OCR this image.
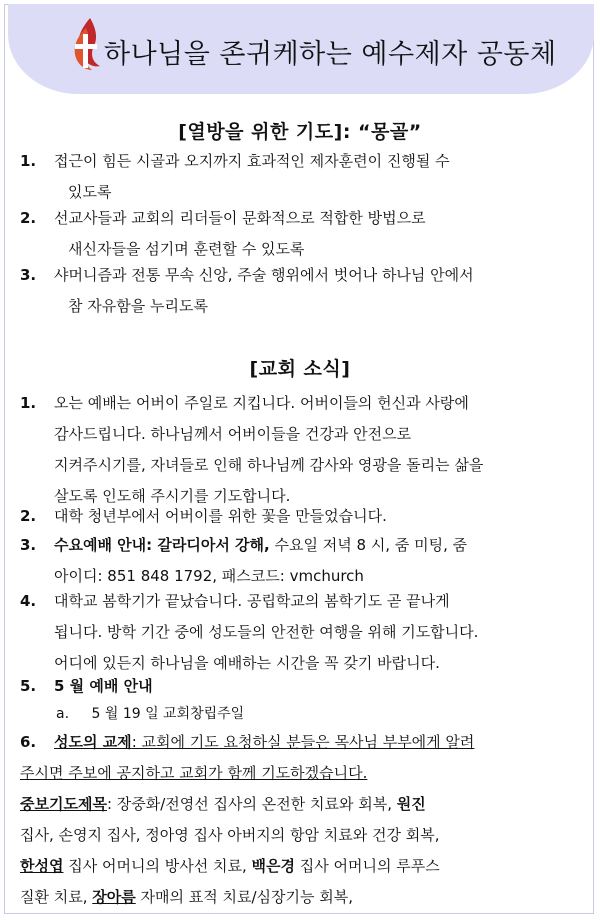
하나님을 존귀케하는 예수제자 공동체
[열방을 위한 기도]: “몽골”
1.	접근이 힘든 시골과 오지까지 효과적인 제자훈련이 진행될 수
있도록
2.	선교사들과 교회의 리더들이 문화적으로 적합한 방법으로
새신자들을 섬기며 훈련할 수 있도록
3.	샤머니즘과 전통 무속 신앙, 주술 행위에서 벗어나 하나님 안에서
참 자유함을 누리도록
[교회 소식]
1.	오는 예배는 어버이 주일로 지킵니다. 어버이들의 헌신과 사랑에
감사드립니다. 하나님께서 어버이들을 건강과 안전으로
지켜주시기를, 자녀들로 인해 하나님께 감사와 영광을 돌리는 삶을
살도록 인도해 주시기를 기도합니다.
2.	대학 청년부에서 어버이를 위한 꽃을 만들었습니다.
3.	수요예배 안내: 갈라디아서 강해, 수요일 저녁 8 시, 줌 미팅, 줌
아이디: 851 848 1792, 패스코드: vmchurch
4.	대학교 봄학기가 끝났습니다. 공립학교의 봄학기도 곧 끝나게
됩니다. 방학 기간 중에 성도들의 안전한 여행을 위해 기도합니다.
어디에 있든지 하나님을 예배하는 시간을 꼭 갖기 바랍니다.
5.	5 월 예배 안내
a. 5 월 19 일 교회창립주일
6.	성도의 교제: 교회에 기도 요청하실 분들은 목사님 부부에게 알려
주시면 주보에 공지하고 교회가 함께 기도하겠습니다.
중보기도제목: 장중화/전영선 집사의 온전한 치료와 회복, 원진
집사, 손영지 집사, 정아영 집사 아버지의 항암 치료와 건강 회복,
한성엽 집사 어머니의 방사선 치료, 백은경 집사 어머니의 루푸스
질환 치료, 장아름 자매의 표적 치료/심장기능 회복,
